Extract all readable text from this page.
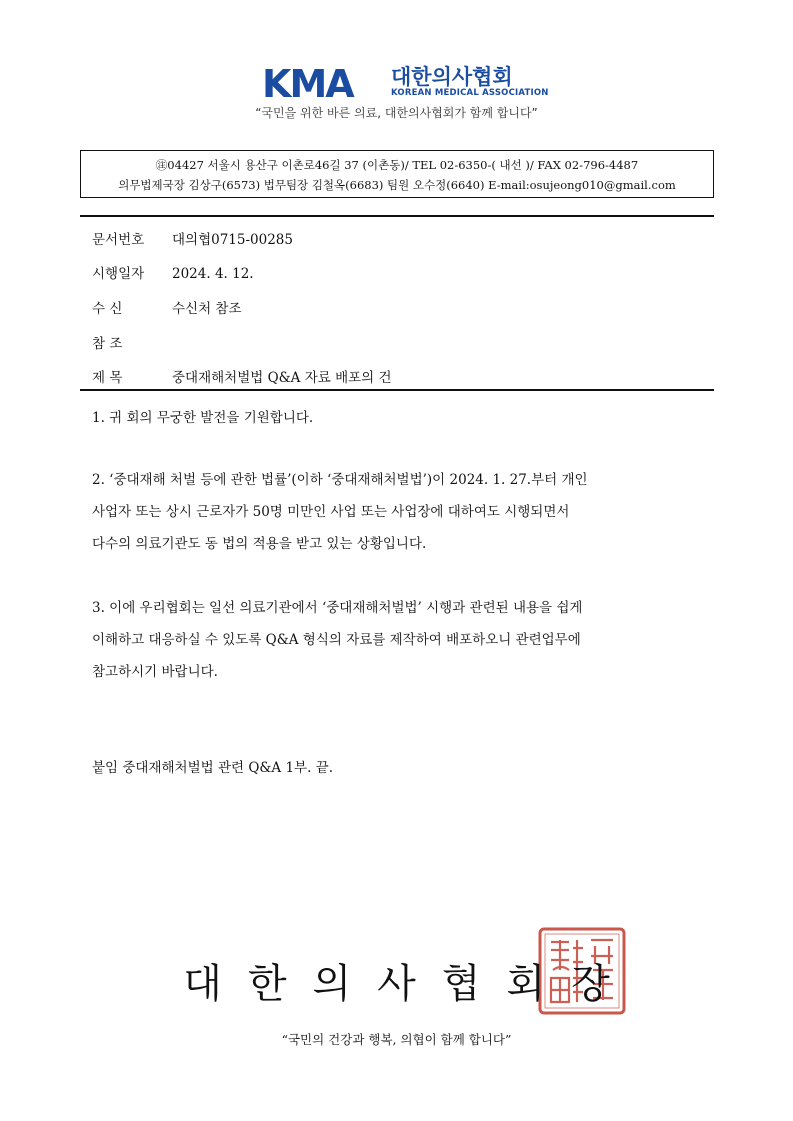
KMA 대한의사협회
KOREAN MEDICAL ASSOCIATION
“국민을 위한 바른 의료, 대한의사협회가 함께 합니다”
㊟04427 서울시 용산구 이촌로46길 37 (이촌동)/ TEL 02-6350-( 내선 )/ FAX 02-796-4487
의무법제국장 김상구(6573) 법무팀장 김철옥(6683) 팀원 오수정(6640) E-mail:osujeong010@gmail.com
문서번호 대의협0715-00285
시행일자 2024. 4. 12.
수 신	수신처 참조
참 조
제 목	중대재해처벌법 Q&A 자료 배포의 건
1. 귀 회의 무궁한 발전을 기원합니다.
2. ‘중대재해 처벌 등에 관한 법률’(이하 ‘중대재해처벌법’)이 2024. 1. 27.부터 개인
사업자 또는 상시 근로자가 50명 미만인 사업 또는 사업장에 대하여도 시행되면서
다수의 의료기관도 동 법의 적용을 받고 있는 상황입니다.
3. 이에 우리협회는 일선 의료기관에서 ‘중대재해처벌법’ 시행과 관련된 내용을 쉽게
이해하고 대응하실 수 있도록 Q&A 형식의 자료를 제작하여 배포하오니 관련업무에
참고하시기 바랍니다.
붙임 중대재해처벌법 관련 Q&A 1부. 끝.
대한의사협회장
“국민의 건강과 행복, 의협이 함께 합니다”
